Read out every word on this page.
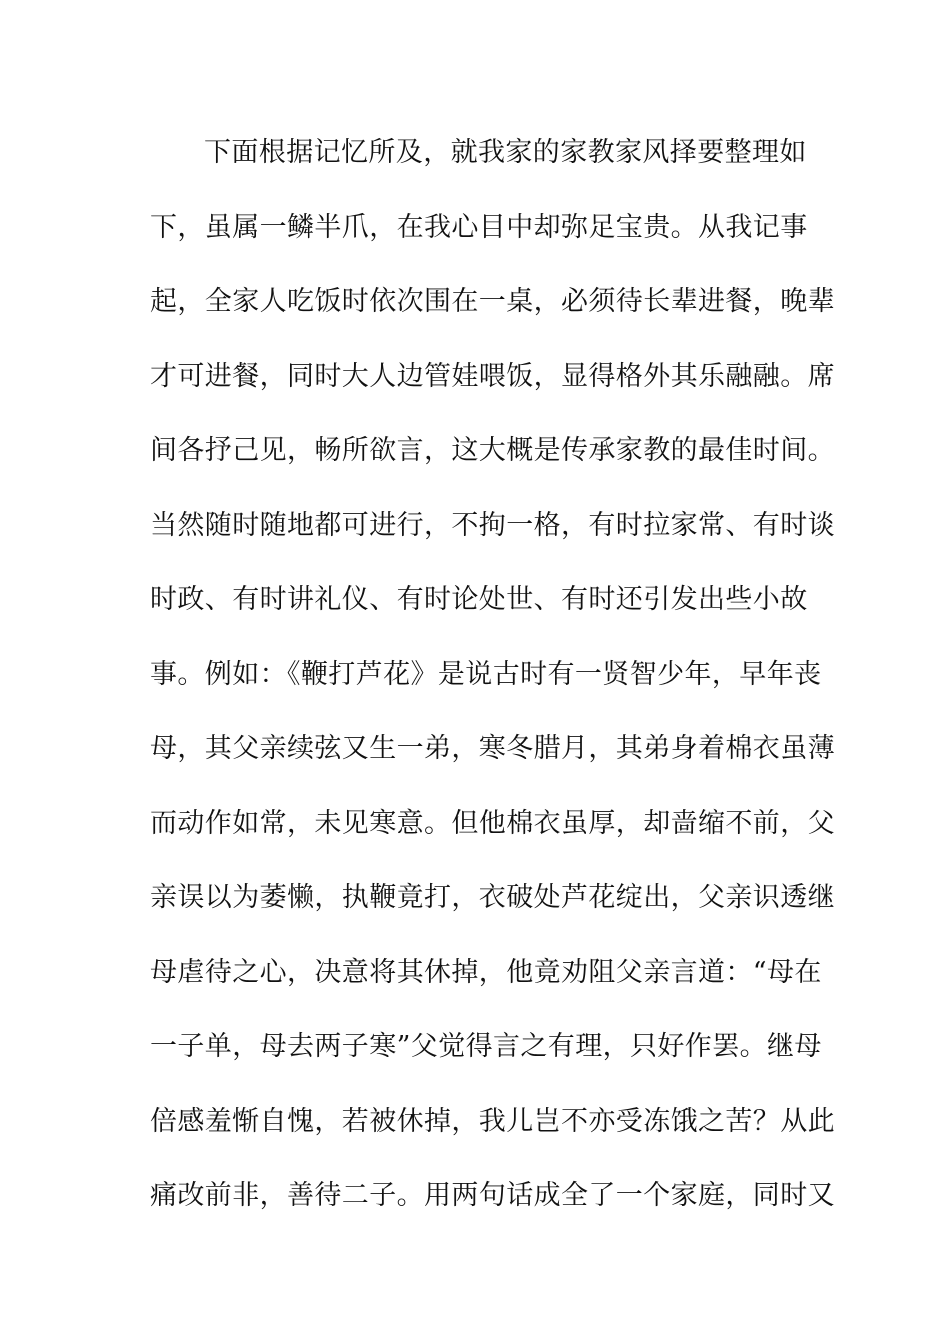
下面根据记忆所及，就我家的家教家风择要整理如
下，虽属一鳞半爪，在我心目中却弥足宝贵。从我记事
起，全家人吃饭时依次围在一桌，必须待长辈进餐，晚辈
才可进餐，同时大人边管娃喂饭，显得格外其乐融融。席
间各抒己见，畅所欲言，这大概是传承家教的最佳时间。
当然随时随地都可进行，不拘一格，有时拉家常、有时谈
时政、有时讲礼仪、有时论处世、有时还引发出些小故
事。例如：《鞭打芦花》是说古时有一贤智少年，早年丧
母，其父亲续弦又生一弟，寒冬腊月，其弟身着棉衣虽薄
而动作如常，未见寒意。但他棉衣虽厚，却啬缩不前，父
亲误以为萎懒，执鞭竟打，衣破处芦花绽出，父亲识透继
母虐待之心，决意将其休掉，他竟劝阻父亲言道：“母在
一子单，母去两子寒”父觉得言之有理，只好作罢。继母
倍感羞惭自愧，若被休掉，我儿岂不亦受冻饿之苦？从此
痛改前非，善待二子。用两句话成全了一个家庭，同时又
